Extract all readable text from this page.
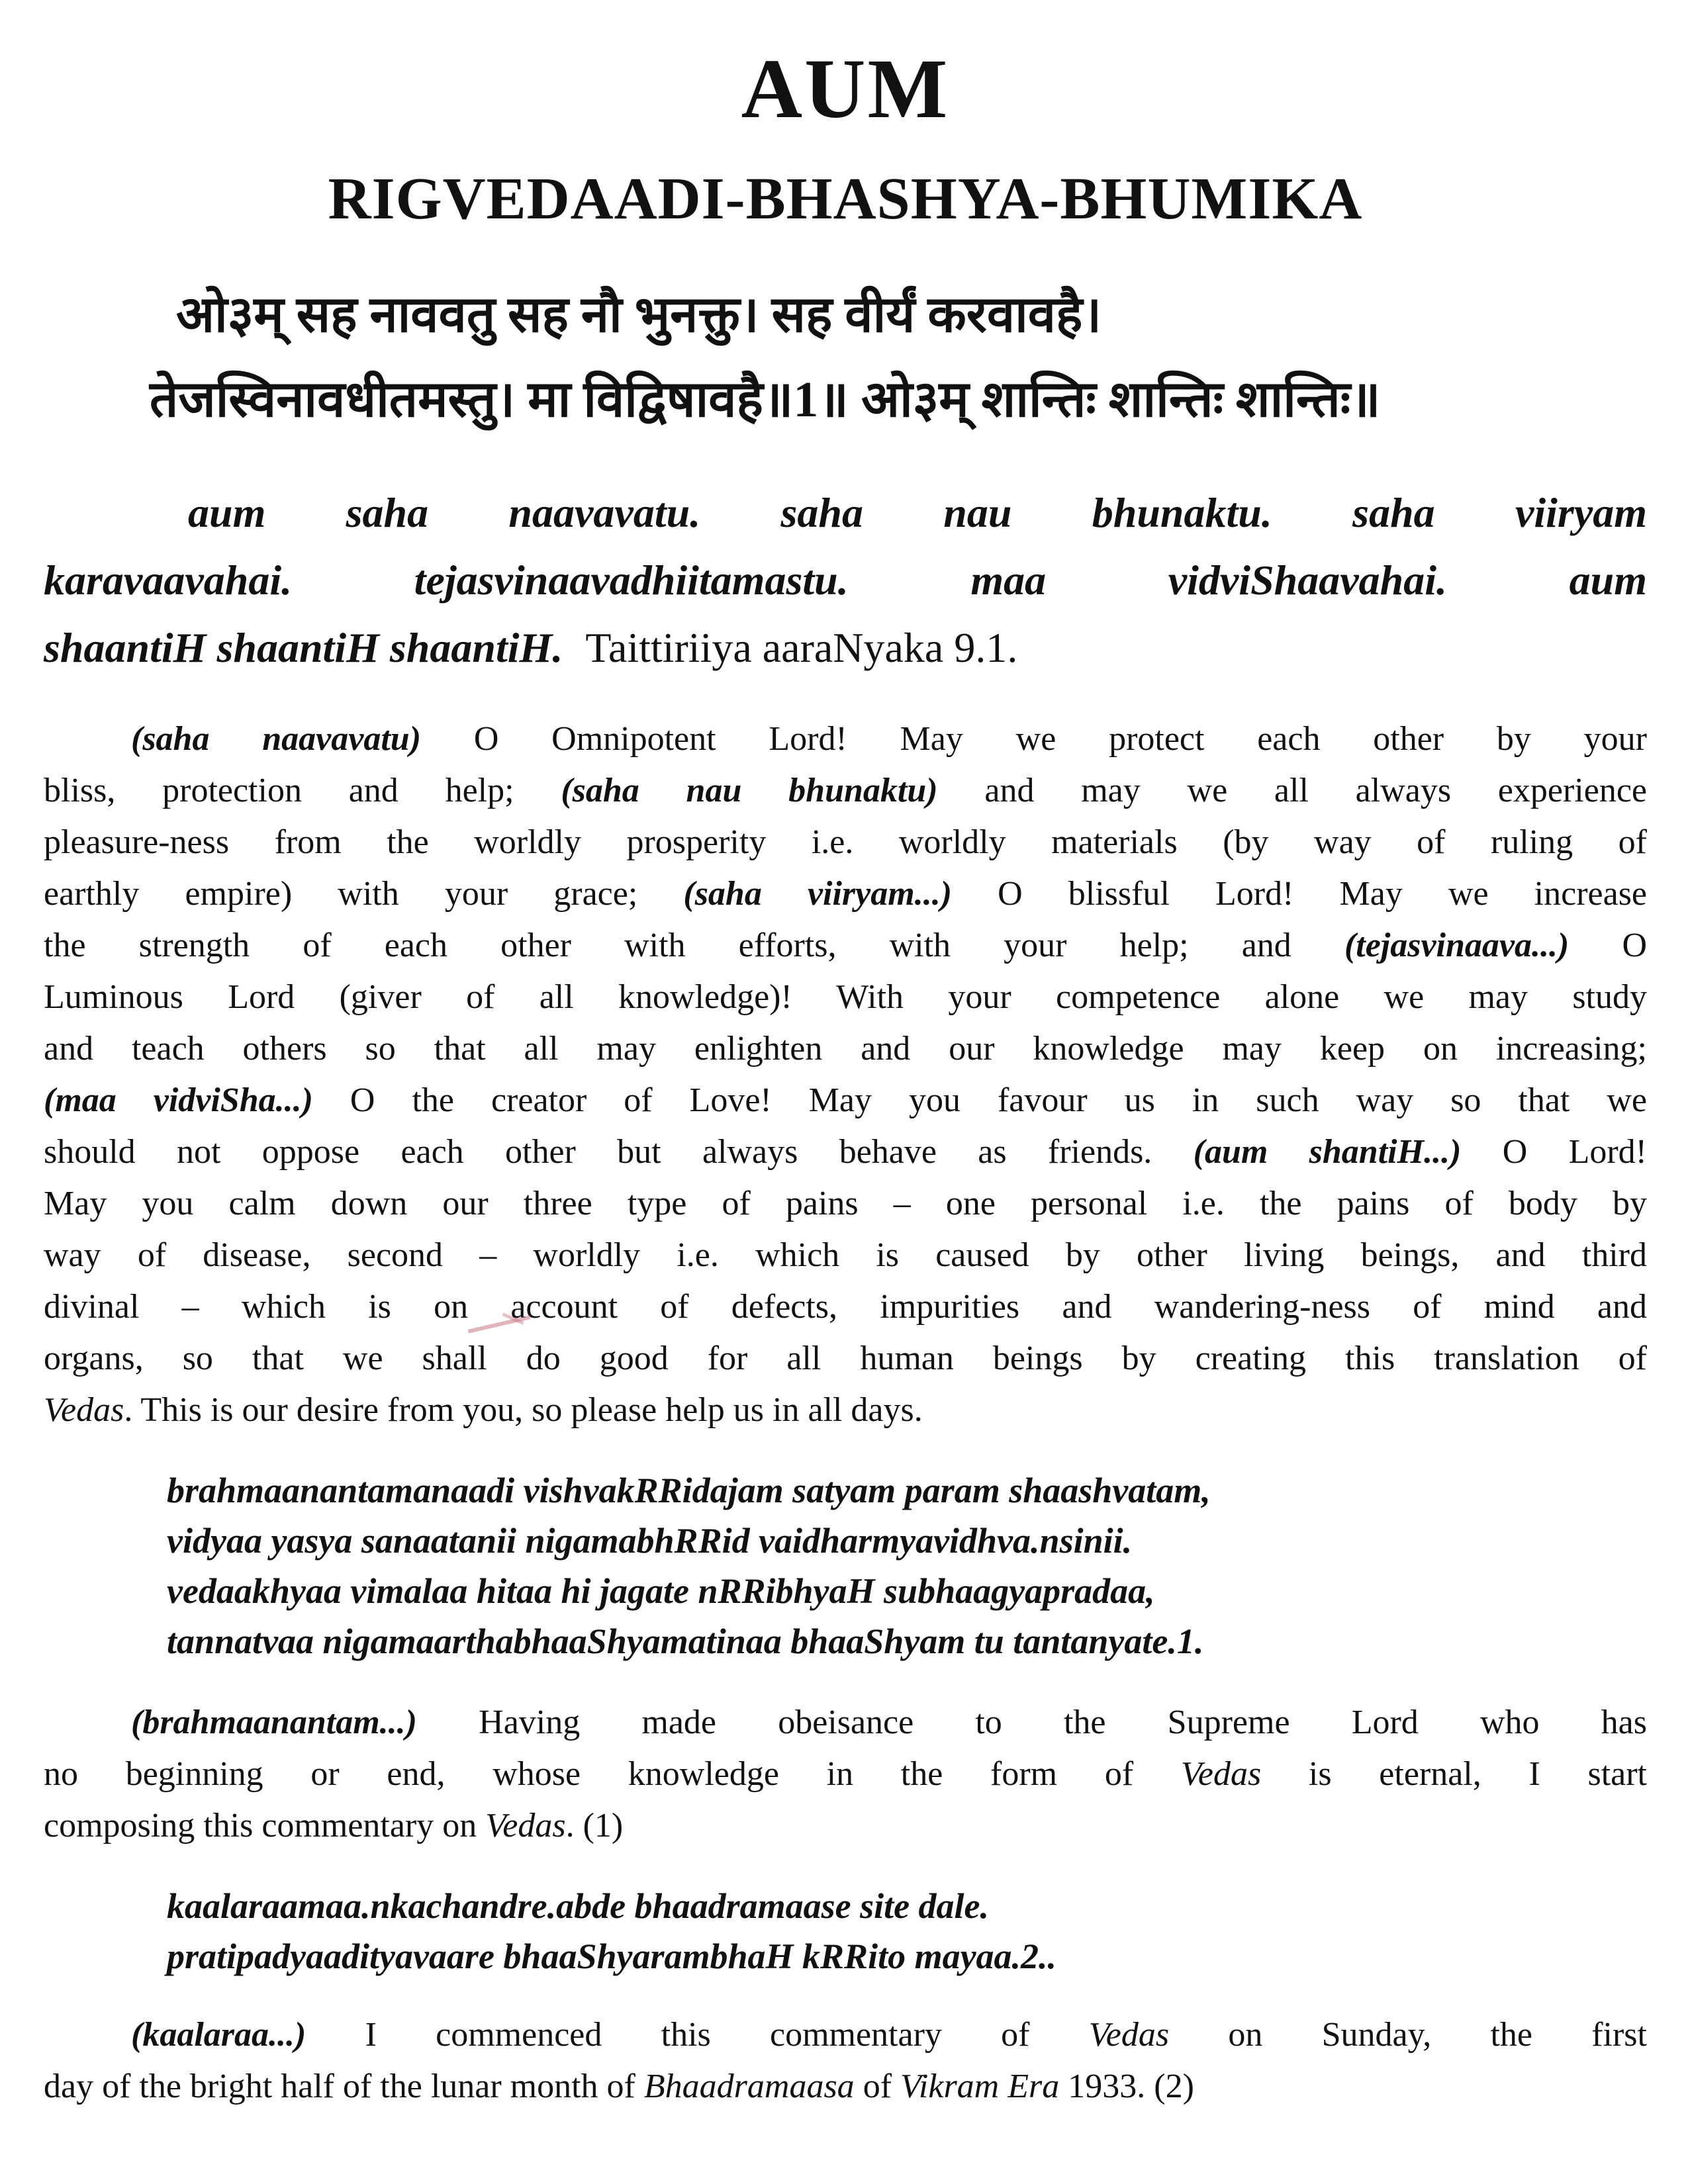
AUM
RIGVEDAADI-BHASHYA-BHUMIKA
ओ३म् सह नाववतु सह नौ भुनक्तु। सह वीर्यं करवावहै।
तेजस्विनावधीतमस्तु। मा विद्विषावहै॥1॥ ओ३म् शान्तिः शान्तिः शान्तिः॥
aum saha naavavatu. saha nau bhunaktu. saha viiryam
karavaavahai. tejasvinaavadhiitamastu. maa vidviShaavahai. aum
shaantiH shaantiH shaantiH. Taittiriiya aaraNyaka 9.1.
(saha naavavatu) O Omnipotent Lord! May we protect each other by your
bliss, protection and help; (saha nau bhunaktu) and may we all always experience
pleasure-ness from the worldly prosperity i.e. worldly materials (by way of ruling of
earthly empire) with your grace; (saha viiryam...) O blissful Lord! May we increase
the strength of each other with efforts, with your help; and (tejasvinaava...) O
Luminous Lord (giver of all knowledge)! With your competence alone we may study
and teach others so that all may enlighten and our knowledge may keep on increasing;
(maa vidviSha...) O the creator of Love! May you favour us in such way so that we
should not oppose each other but always behave as friends. (aum shantiH...) O Lord!
May you calm down our three type of pains – one personal i.e. the pains of body by
way of disease, second – worldly i.e. which is caused by other living beings, and third
divinal – which is on account of defects, impurities and wandering-ness of mind and
organs, so that we shall do good for all human beings by creating this translation of
Vedas. This is our desire from you, so please help us in all days.
brahmaanantamanaadi vishvakRRidajam satyam param shaashvatam,
vidyaa yasya sanaatanii nigamabhRRid vaidharmyavidhva.nsinii.
vedaakhyaa vimalaa hitaa hi jagate nRRibhyaH subhaagyapradaa,
tannatvaa nigamaarthabhaaShyamatinaa bhaaShyam tu tantanyate.1.
(brahmaanantam...) Having made obeisance to the Supreme Lord who has
no beginning or end, whose knowledge in the form of Vedas is eternal, I start
composing this commentary on Vedas. (1)
kaalaraamaa.nkachandre.abde bhaadramaase site dale.
pratipadyaadityavaare bhaaShyarambhaH kRRito mayaa.2..
(kaalaraa...) I commenced this commentary of Vedas on Sunday, the first
day of the bright half of the lunar month of Bhaadramaasa of Vikram Era 1933. (2)
